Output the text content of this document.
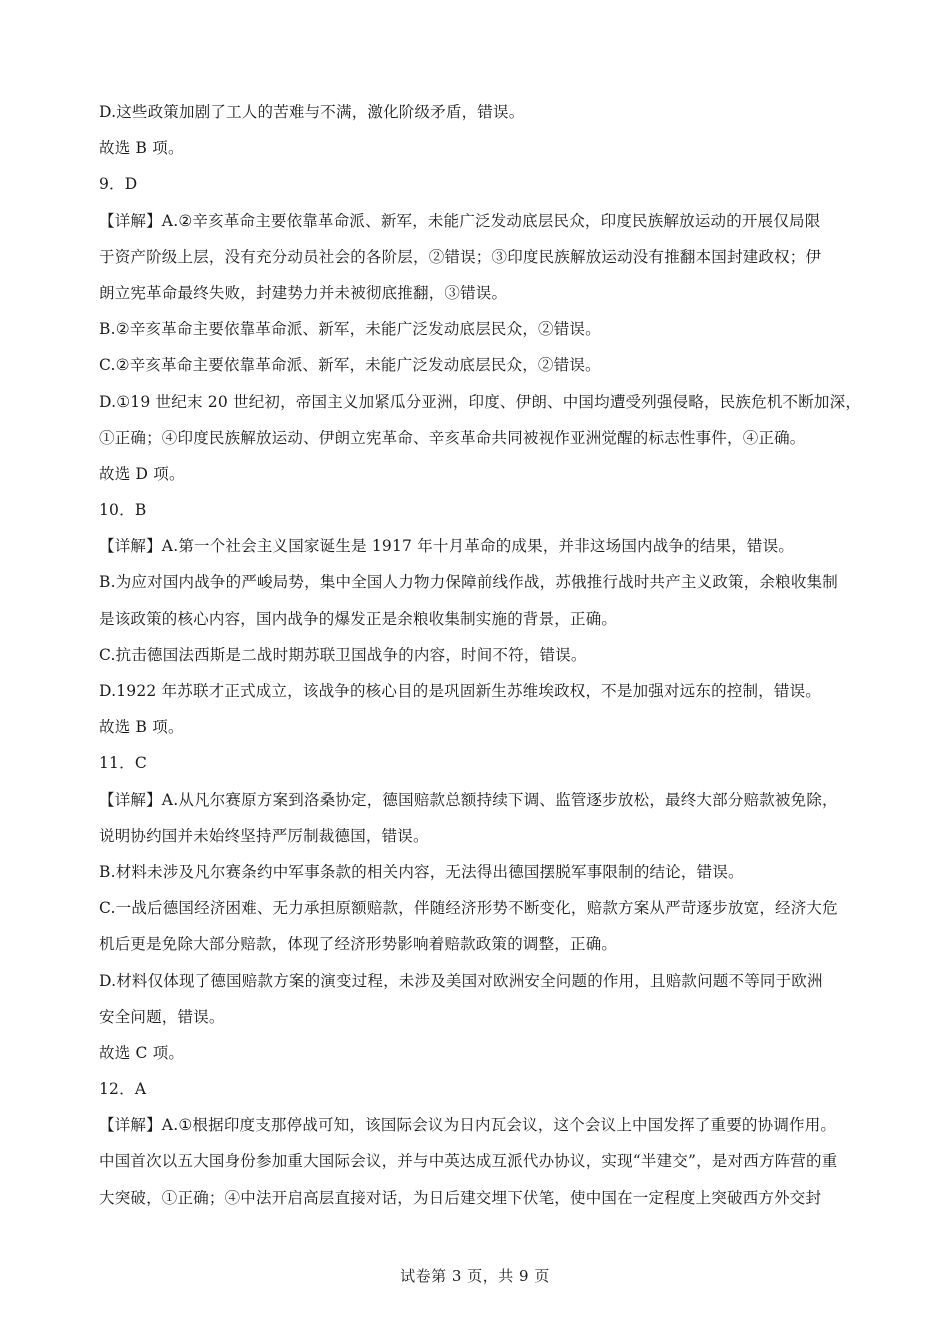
D.这些政策加剧了工人的苦难与不满，激化阶级矛盾，错误。
故选 B 项。
9．D
【详解】A.②辛亥革命主要依靠革命派、新军，未能广泛发动底层民众，印度民族解放运动的开展仅局限
于资产阶级上层，没有充分动员社会的各阶层，②错误；③印度民族解放运动没有推翻本国封建政权；伊
朗立宪革命最终失败，封建势力并未被彻底推翻，③错误。
B.②辛亥革命主要依靠革命派、新军，未能广泛发动底层民众，②错误。
C.②辛亥革命主要依靠革命派、新军，未能广泛发动底层民众，②错误。
D.①19 世纪末 20 世纪初，帝国主义加紧瓜分亚洲，印度、伊朗、中国均遭受列强侵略，民族危机不断加深，
①正确；④印度民族解放运动、伊朗立宪革命、辛亥革命共同被视作亚洲觉醒的标志性事件，④正确。
故选 D 项。
10．B
【详解】A.第一个社会主义国家诞生是 1917 年十月革命的成果，并非这场国内战争的结果，错误。
B.为应对国内战争的严峻局势，集中全国人力物力保障前线作战，苏俄推行战时共产主义政策，余粮收集制
是该政策的核心内容，国内战争的爆发正是余粮收集制实施的背景，正确。
C.抗击德国法西斯是二战时期苏联卫国战争的内容，时间不符，错误。
D.1922 年苏联才正式成立，该战争的核心目的是巩固新生苏维埃政权，不是加强对远东的控制，错误。
故选 B 项。
11．C
【详解】A.从凡尔赛原方案到洛桑协定，德国赔款总额持续下调、监管逐步放松，最终大部分赔款被免除，
说明协约国并未始终坚持严厉制裁德国，错误。
B.材料未涉及凡尔赛条约中军事条款的相关内容，无法得出德国摆脱军事限制的结论，错误。
C.一战后德国经济困难、无力承担原额赔款，伴随经济形势不断变化，赔款方案从严苛逐步放宽，经济大危
机后更是免除大部分赔款，体现了经济形势影响着赔款政策的调整，正确。
D.材料仅体现了德国赔款方案的演变过程，未涉及美国对欧洲安全问题的作用，且赔款问题不等同于欧洲
安全问题，错误。
故选 C 项。
12．A
【详解】A.①根据印度支那停战可知，该国际会议为日内瓦会议，这个会议上中国发挥了重要的协调作用。
中国首次以五大国身份参加重大国际会议，并与中英达成互派代办协议，实现“半建交”，是对西方阵营的重
大突破，①正确；④中法开启高层直接对话，为日后建交埋下伏笔，使中国在一定程度上突破西方外交封
试卷第 3 页，共 9 页
